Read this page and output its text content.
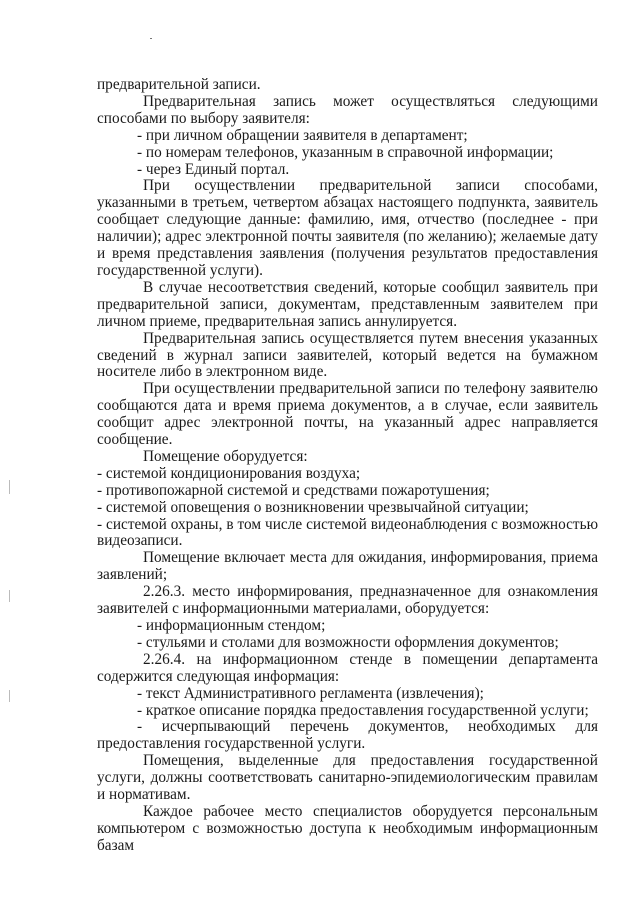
предварительной записи.

Предварительная запись может осуществляться следующими способами по выбору заявителя:

- при личном обращении заявителя в департамент;

- по номерам телефонов, указанным в справочной информации;

- через Единый портал.

При осуществлении предварительной записи способами, указанными в третьем, четвертом абзацах настоящего подпункта, заявитель сообщает следующие данные: фамилию, имя, отчество (последнее - при наличии); адрес электронной почты заявителя (по желанию); желаемые дату и время представления заявления (получения результатов предоставления государственной услуги).

В случае несоответствия сведений, которые сообщил заявитель при предварительной записи, документам, представленным заявителем при личном приеме, предварительная запись аннулируется.

Предварительная запись осуществляется путем внесения указанных сведений в журнал записи заявителей, который ведется на бумажном носителе либо в электронном виде.

При осуществлении предварительной записи по телефону заявителю сообщаются дата и время приема документов, а в случае, если заявитель сообщит адрес электронной почты, на указанный адрес направляется сообщение.

Помещение оборудуется:

- системой кондиционирования воздуха;

- противопожарной системой и средствами пожаротушения;

- системой оповещения о возникновении чрезвычайной ситуации;

- системой охраны, в том числе системой видеонаблюдения с возможностью видеозаписи.

Помещение включает места для ожидания, информирования, приема заявлений;

2.26.3. место информирования, предназначенное для ознакомления заявителей с информационными материалами, оборудуется:

- информационным стендом;

- стульями и столами для возможности оформления документов;

2.26.4. на информационном стенде в помещении департамента содержится следующая информация:

- текст Административного регламента (извлечения);

- краткое описание порядка предоставления государственной услуги;

- исчерпывающий перечень документов, необходимых для предоставления государственной услуги.

Помещения, выделенные для предоставления государственной услуги, должны соответствовать санитарно-эпидемиологическим правилам и нормативам.

Каждое рабочее место специалистов оборудуется персональным компьютером с возможностью доступа к необходимым информационным базам
